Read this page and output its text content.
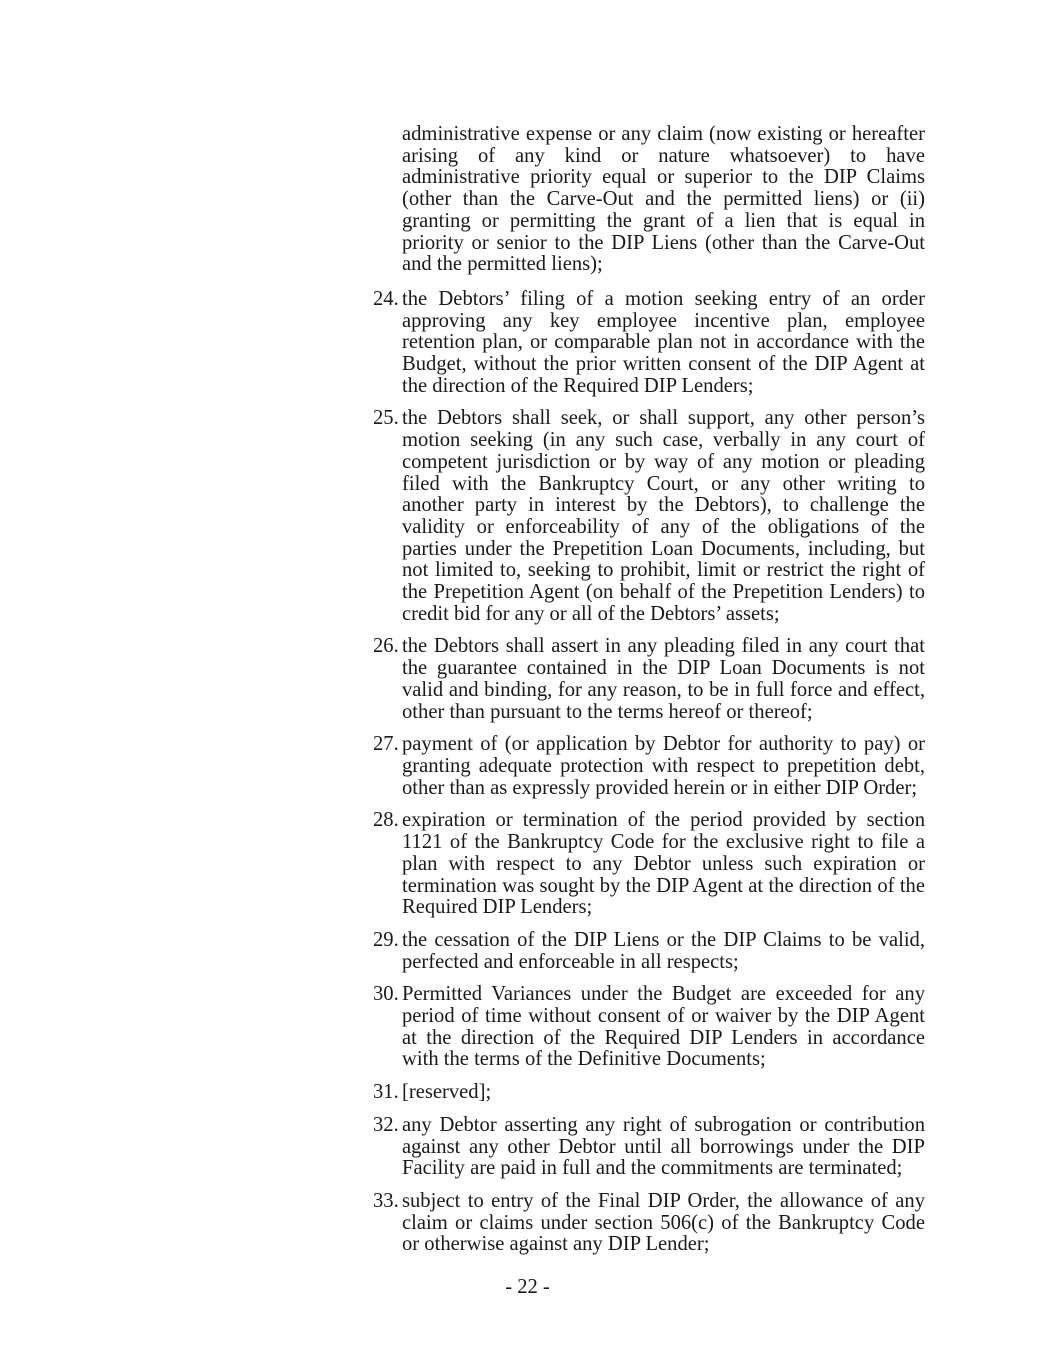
administrative expense or any claim (now existing or hereafter arising of any kind or nature whatsoever) to have administrative priority equal or superior to the DIP Claims (other than the Carve-Out and the permitted liens) or (ii) granting or permitting the grant of a lien that is equal in priority or senior to the DIP Liens (other than the Carve-Out and the permitted liens);

24. the Debtors’ filing of a motion seeking entry of an order approving any key employee incentive plan, employee retention plan, or comparable plan not in accordance with the Budget, without the prior written consent of the DIP Agent at the direction of the Required DIP Lenders;

25. the Debtors shall seek, or shall support, any other person’s motion seeking (in any such case, verbally in any court of competent jurisdiction or by way of any motion or pleading filed with the Bankruptcy Court, or any other writing to another party in interest by the Debtors), to challenge the validity or enforceability of any of the obligations of the parties under the Prepetition Loan Documents, including, but not limited to, seeking to prohibit, limit or restrict the right of the Prepetition Agent (on behalf of the Prepetition Lenders) to credit bid for any or all of the Debtors’ assets;

26. the Debtors shall assert in any pleading filed in any court that the guarantee contained in the DIP Loan Documents is not valid and binding, for any reason, to be in full force and effect, other than pursuant to the terms hereof or thereof;

27. payment of (or application by Debtor for authority to pay) or granting adequate protection with respect to prepetition debt, other than as expressly provided herein or in either DIP Order;

28. expiration or termination of the period provided by section 1121 of the Bankruptcy Code for the exclusive right to file a plan with respect to any Debtor unless such expiration or termination was sought by the DIP Agent at the direction of the Required DIP Lenders;

29. the cessation of the DIP Liens or the DIP Claims to be valid, perfected and enforceable in all respects;

30. Permitted Variances under the Budget are exceeded for any period of time without consent of or waiver by the DIP Agent at the direction of the Required DIP Lenders in accordance with the terms of the Definitive Documents;

31. [reserved];

32. any Debtor asserting any right of subrogation or contribution against any other Debtor until all borrowings under the DIP Facility are paid in full and the commitments are terminated;

33. subject to entry of the Final DIP Order, the allowance of any claim or claims under section 506(c) of the Bankruptcy Code or otherwise against any DIP Lender;

- 22 -
